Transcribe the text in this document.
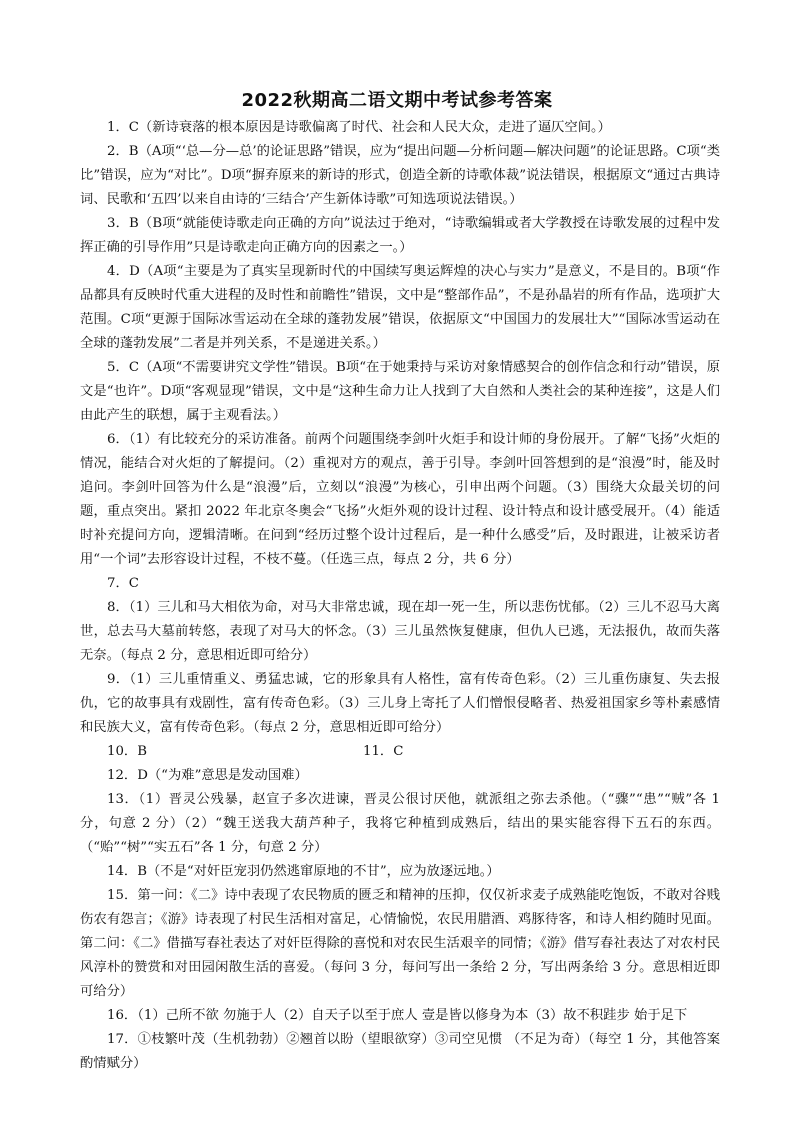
2022秋期高二语文期中考试参考答案

1．C（新诗衰落的根本原因是诗歌偏离了时代、社会和人民大众，走进了逼仄空间。）

2．B（A项“‘总—分—总’的论证思路”错误，应为“提出问题—分析问题—解决问题”的论证思路。C项“类比”错误，应为“对比”。D项“摒弃原来的新诗的形式，创造全新的诗歌体裁”说法错误，根据原文“通过古典诗词、民歌和‘五四’以来自由诗的‘三结合’产生新体诗歌”可知选项说法错误。）

3．B（B项“就能使诗歌走向正确的方向”说法过于绝对，“诗歌编辑或者大学教授在诗歌发展的过程中发挥正确的引导作用”只是诗歌走向正确方向的因素之一。）

4．D（A项“主要是为了真实呈现新时代的中国续写奥运辉煌的决心与实力”是意义，不是目的。B项“作品都具有反映时代重大进程的及时性和前瞻性”错误，文中是“整部作品”，不是孙晶岩的所有作品，选项扩大范围。C项“更源于国际冰雪运动在全球的蓬勃发展”错误，依据原文“中国国力的发展壮大”“国际冰雪运动在全球的蓬勃发展”二者是并列关系，不是递进关系。）

5．C（A项“不需要讲究文学性”错误。B项“在于她秉持与采访对象情感契合的创作信念和行动”错误，原文是“也许”。D项“客观显现”错误，文中是“这种生命力让人找到了大自然和人类社会的某种连接”，这是人们由此产生的联想，属于主观看法。）

6．（1）有比较充分的采访准备。前两个问题围绕李剑叶火炬手和设计师的身份展开。了解“飞扬”火炬的情况，能结合对火炬的了解提问。（2）重视对方的观点，善于引导。李剑叶回答想到的是“浪漫”时，能及时追问。李剑叶回答为什么是“浪漫”后，立刻以“浪漫”为核心，引申出两个问题。（3）围绕大众最关切的问题，重点突出。紧扣 2022 年北京冬奥会“飞扬”火炬外观的设计过程、设计特点和设计感受展开。（4）能适时补充提问方向，逻辑清晰。在问到“经历过整个设计过程后，是一种什么感受”后，及时跟进，让被采访者用“一个词”去形容设计过程，不枝不蔓。（任选三点，每点 2 分，共 6 分）

7．C

8．（1）三儿和马大相依为命，对马大非常忠诚，现在却一死一生，所以悲伤忧郁。（2）三儿不忍马大离世，总去马大墓前转悠，表现了对马大的怀念。（3）三儿虽然恢复健康，但仇人已逃，无法报仇，故而失落无奈。（每点 2 分，意思相近即可给分）

9．（1）三儿重情重义、勇猛忠诚，它的形象具有人格性，富有传奇色彩。（2）三儿重伤康复、失去报仇，它的故事具有戏剧性，富有传奇色彩。（3）三儿身上寄托了人们憎恨侵略者、热爱祖国家乡等朴素感情和民族大义，富有传奇色彩。（每点 2 分，意思相近即可给分）

10．B	11．C

12．D（“为难”意思是发动国难）

13．（1）晋灵公残暴，赵宣子多次进谏，晋灵公很讨厌他，就派组之弥去杀他。（“骤”“患”“贼”各 1 分，句意 2 分）（2）“魏王送我大葫芦种子，我将它种植到成熟后，结出的果实能容得下五石的东西。（“贻”“树”“实五石”各 1 分，句意 2 分）

14．B（不是“对奸臣宠羽仍然逃窜原地的不甘”，应为放逐远地。）

15．第一问：《二》诗中表现了农民物质的匮乏和精神的压抑，仅仅祈求麦子成熟能吃饱饭，不敢对谷贱伤农有怨言；《游》诗表现了村民生活相对富足，心情愉悦，农民用腊酒、鸡豚待客，和诗人相约随时见面。第二问：《二》借描写春社表达了对奸臣得除的喜悦和对农民生活艰辛的同情；《游》借写春社表达了对农村民风淳朴的赞赏和对田园闲散生活的喜爱。（每问 3 分，每问写出一条给 2 分，写出两条给 3 分。意思相近即可给分）

16．（1）己所不欲 勿施于人（2）自天子以至于庶人 壹是皆以修身为本（3）故不积跬步 始于足下

17．①枝繁叶茂（生机勃勃）②翘首以盼（望眼欲穿）③司空见惯 （不足为奇）（每空 1 分，其他答案酌情赋分）
